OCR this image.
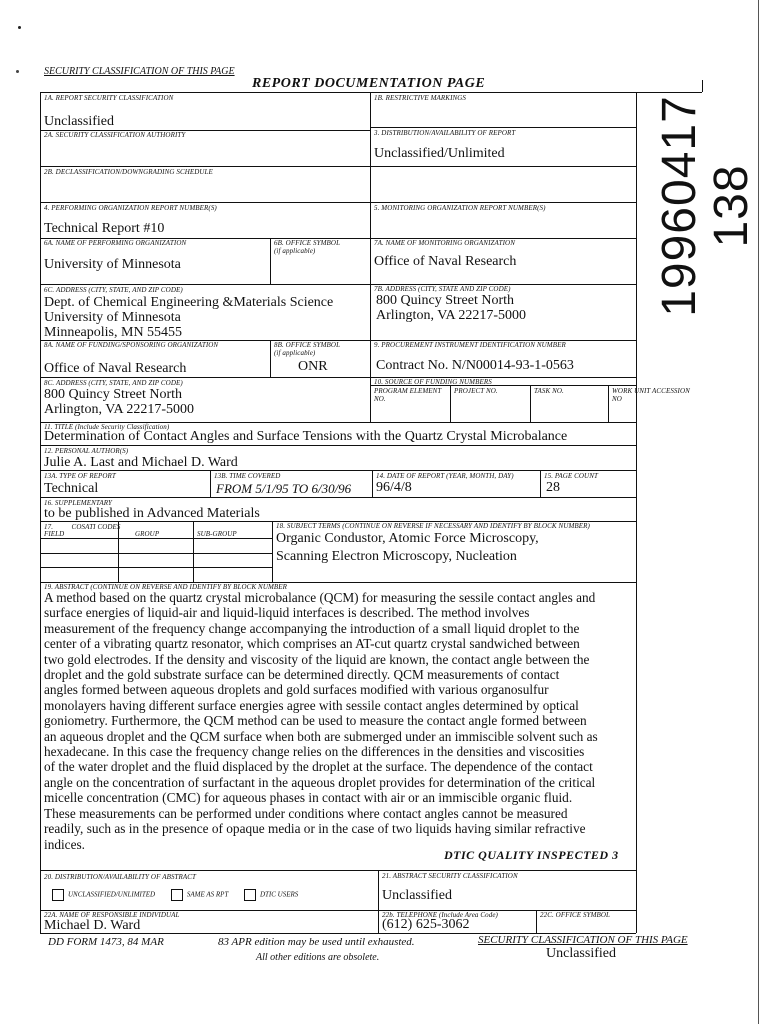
SECURITY CLASSIFICATION OF THIS PAGE
REPORT DOCUMENTATION PAGE
19960417 138
1A. REPORT SECURITY CLASSIFICATION
Unclassified
1B. RESTRICTIVE MARKINGS
2A. SECURITY CLASSIFICATION AUTHORITY	3. DISTRIBUTION/AVAILABILITY OF REPORT
Unclassified/Unlimited
2B. DECLASSIFICATION/DOWNGRADING SCHEDULE
4. PERFORMING ORGANIZATION REPORT NUMBER(S)
Technical Report #10
5. MONITORING ORGANIZATION REPORT NUMBER(S)
6A. NAME OF PERFORMING ORGANIZATION
University of Minnesota
6B. OFFICE SYMBOL
(if applicable)
7A. NAME OF MONITORING ORGANIZATION
Office of Naval Research
6C. ADDRESS (CITY, STATE, AND ZIP CODE)
Dept. of Chemical Engineering &Materials Science
University of Minnesota
Minneapolis, MN 55455
7B. ADDRESS (CITY, STATE AND ZIP CODE)
800 Quincy Street North
Arlington, VA 22217-5000
8A. NAME OF FUNDING/SPONSORING ORGANIZATION
Office of Naval Research
8B. OFFICE SYMBOL
(if applicable)
ONR
9. PROCUREMENT INSTRUMENT IDENTIFICATION NUMBER
Contract No. N/N00014-93-1-0563
8C. ADDRESS (CITY, STATE, AND ZIP CODE)
800 Quincy Street North
Arlington, VA 22217-5000
10. SOURCE OF FUNDING NUMBERS
PROGRAM ELEMENT NO.
PROJECT NO.	TASK NO.	WORK UNIT ACCESSION NO
11. TITLE (Include Security Classification)
Determination of Contact Angles and Surface Tensions with the Quartz Crystal Microbalance
12. PERSONAL AUTHOR(S)
Julie A. Last and Michael D. Ward
13A. TYPE OF REPORT
Technical
13B. TIME COVERED
FROM 5/1/95 TO 6/30/96
14. DATE OF REPORT (YEAR, MONTH, DAY)
96/4/8
15. PAGE COUNT
28
16. SUPPLEMENTARY
to be published in Advanced Materials
17.          COSATI CODES
FIELD	GROUP	SUB-GROUP
18. SUBJECT TERMS (CONTINUE ON REVERSE IF NECESSARY AND IDENTIFY BY BLOCK NUMBER)
Organic Condustor, Atomic Force Microscopy,
Scanning Electron Microscopy, Nucleation
19. ABSTRACT (CONTINUE ON REVERSE AND IDENTIFY BY BLOCK NUMBER
A method based on the quartz crystal microbalance (QCM) for measuring the sessile contact angles and
surface energies of liquid-air and liquid-liquid interfaces is described. The method involves
measurement of the frequency change accompanying the introduction of a small liquid droplet to the
center of a vibrating quartz resonator, which comprises an AT-cut quartz crystal sandwiched between
two gold electrodes. If the density and viscosity of the liquid are known, the contact angle between the
droplet and the gold substrate surface can be determined directly. QCM measurements of contact
angles formed between aqueous droplets and gold surfaces modified with various organosulfur
monolayers having different surface energies agree with sessile contact angles determined by optical
goniometry. Furthermore, the QCM method can be used to measure the contact angle formed between
an aqueous droplet and the QCM surface when both are submerged under an immiscible solvent such as
hexadecane. In this case the frequency change relies on the differences in the densities and viscosities
of the water droplet and the fluid displaced by the droplet at the surface. The dependence of the contact
angle on the concentration of surfactant in the aqueous droplet provides for determination of the critical
micelle concentration (CMC) for aqueous phases in contact with air or an immiscible organic fluid.
These measurements can be performed under conditions where contact angles cannot be measured
readily, such as in the presence of opaque media or in the case of two liquids having similar refractive
indices.
DTIC QUALITY INSPECTED 3
20. DISTRIBUTION/AVAILABILITY OF ABSTRACT
UNCLASSIFIED/UNLIMITED	SAME AS RPT	DTIC USERS
21. ABSTRACT SECURITY CLASSIFICATION
Unclassified
22A. NAME OF RESPONSIBLE INDIVIDUAL
Michael D. Ward
22b. TELEPHONE (Include Area Code)
(612) 625-3062
22C. OFFICE SYMBOL
DD FORM 1473, 84 MAR	83 APR edition may be used until exhausted.
All other editions are obsolete.
SECURITY CLASSIFICATION OF THIS PAGE
Unclassified
